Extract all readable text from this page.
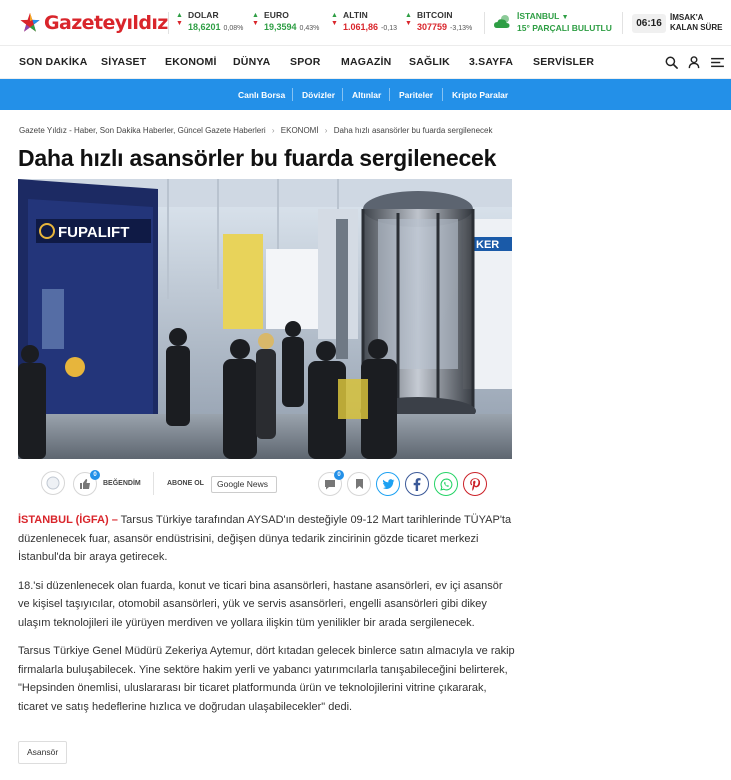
Gazeteyıldız ▲
▼
DOLAR
18,6201 0,08%
▲
▼
EURO
19,3594 0,43%
▲
▼
ALTIN
1.061,86 -0,13
▲
▼
BITCOIN
307759 -3,13%
İSTANBUL ▼
15° PARÇALI BULUTLU	06:16
İMSAK'A
KALAN SÜRE
SON DAKİKA SİYASET EKONOMİ DÜNYA SPOR MAGAZİN SAĞLIK 3.SAYFA SERVİSLER
Canlı Borsa Dövizler Altınlar Pariteler Kripto Paralar
Gazete Yıldız - Haber, Son Dakika Haberler, Güncel Gazete Haberleri › EKONOMİ › Daha hızlı asansörler bu fuarda sergilenecek
Daha hızlı asansörler bu fuarda sergilenecek
KER
FUPALIFT
0
BEĞENDİM	ABONE OL	Google News
0

İSTANBUL (İGFA) – Tarsus Türkiye tarafından AYSAD'ın desteğiyle 09-12 Mart tarihlerinde TÜYAP'ta düzenlenecek fuar, asansör endüstrisini, değişen dünya tedarik zincirinin gözde ticaret merkezi İstanbul'da bir araya getirecek.

18.'si düzenlenecek olan fuarda, konut ve ticari bina asansörleri, hastane asansörleri, ev içi asansör ve kişisel taşıyıcılar, otomobil asansörleri, yük ve servis asansörleri, engelli asansörleri gibi dikey ulaşım teknolojileri ile yürüyen merdiven ve yollara ilişkin tüm yenilikler bir arada sergilenecek.

Tarsus Türkiye Genel Müdürü Zekeriya Aytemur, dört kıtadan gelecek binlerce satın almacıyla ve rakip firmalarla buluşabilecek. Yine sektöre hakim yerli ve yabancı yatırımcılarla tanışabileceğini belirterek, "Hepsinden önemlisi, uluslararası bir ticaret platformunda ürün ve teknolojilerini vitrine çıkararak, ticaret ve satış hedeflerine hızlıca ve doğrudan ulaşabilecekler" dedi.

Asansör
